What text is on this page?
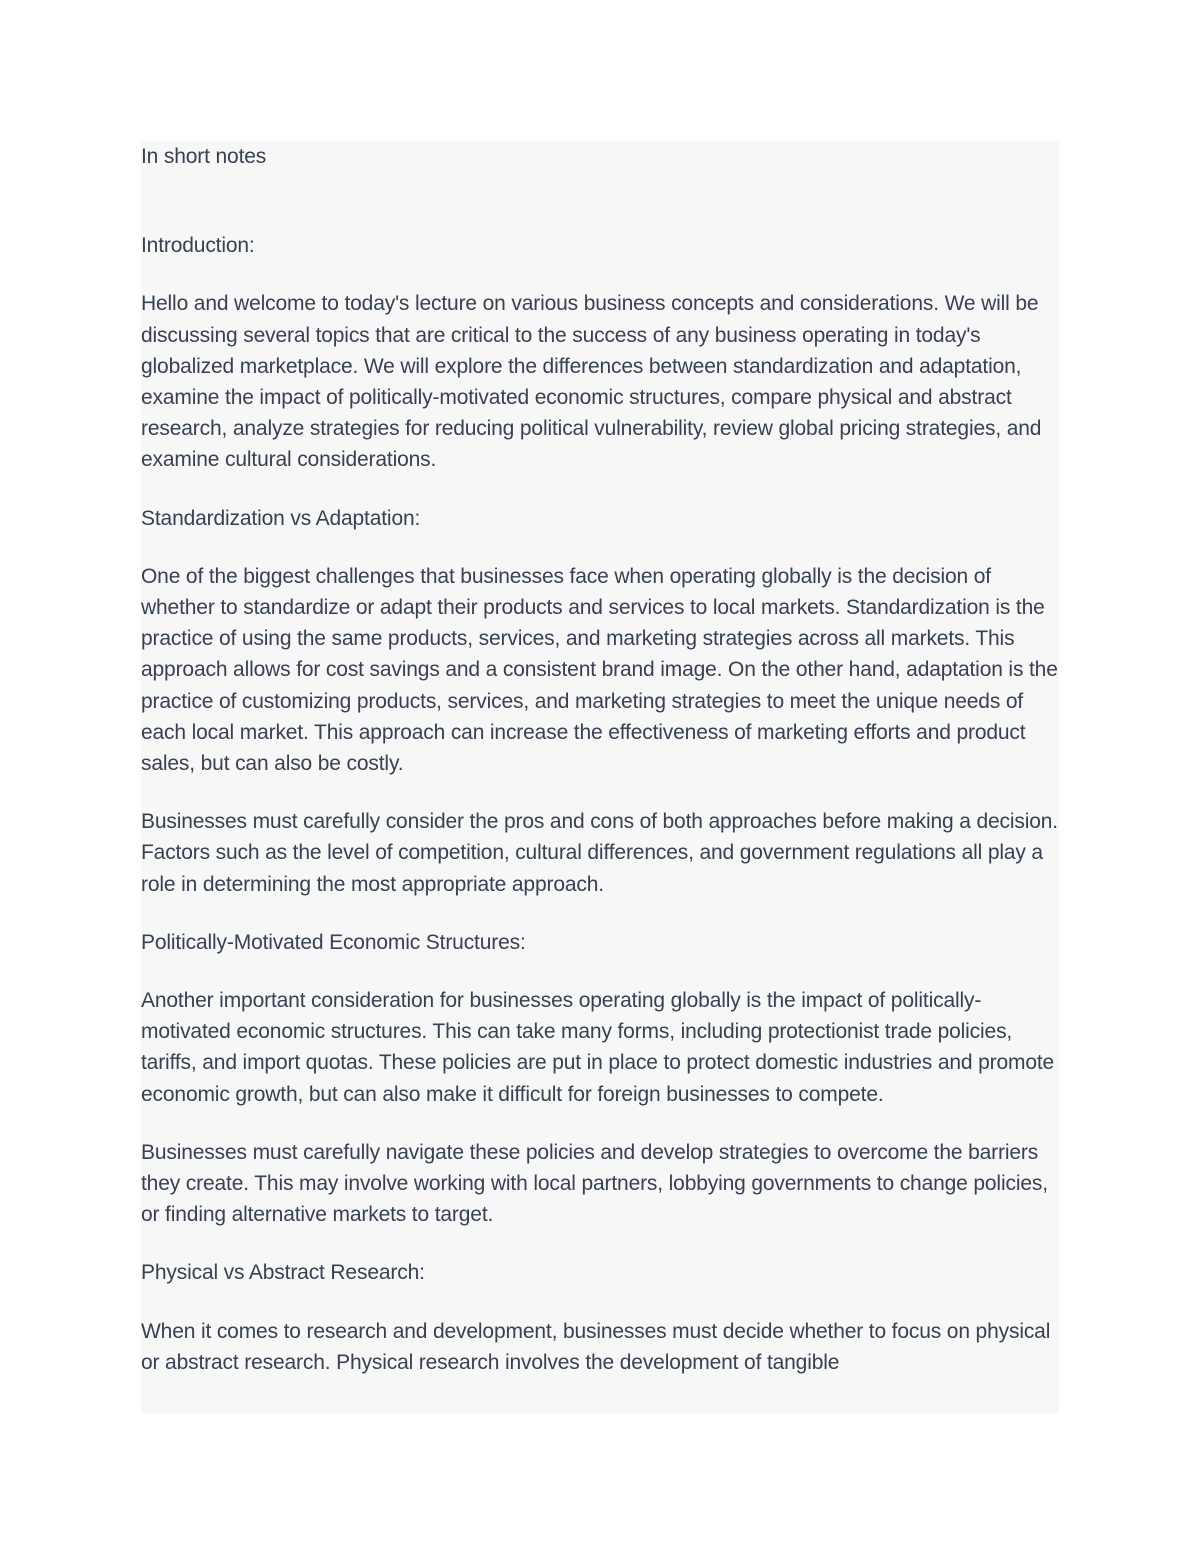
In short notes

Introduction:

Hello and welcome to today's lecture on various business concepts and considerations. We will be discussing several topics that are critical to the success of any business operating in today's globalized marketplace. We will explore the differences between standardization and adaptation, examine the impact of politically-motivated economic structures, compare physical and abstract research, analyze strategies for reducing political vulnerability, review global pricing strategies, and examine cultural considerations.

Standardization vs Adaptation:

One of the biggest challenges that businesses face when operating globally is the decision of whether to standardize or adapt their products and services to local markets. Standardization is the practice of using the same products, services, and marketing strategies across all markets. This approach allows for cost savings and a consistent brand image. On the other hand, adaptation is the practice of customizing products, services, and marketing strategies to meet the unique needs of each local market. This approach can increase the effectiveness of marketing efforts and product sales, but can also be costly.

Businesses must carefully consider the pros and cons of both approaches before making a decision. Factors such as the level of competition, cultural differences, and government regulations all play a role in determining the most appropriate approach.

Politically-Motivated Economic Structures:

Another important consideration for businesses operating globally is the impact of politically-motivated economic structures. This can take many forms, including protectionist trade policies, tariffs, and import quotas. These policies are put in place to protect domestic industries and promote economic growth, but can also make it difficult for foreign businesses to compete.

Businesses must carefully navigate these policies and develop strategies to overcome the barriers they create. This may involve working with local partners, lobbying governments to change policies, or finding alternative markets to target.

Physical vs Abstract Research:

When it comes to research and development, businesses must decide whether to focus on physical or abstract research. Physical research involves the development of tangible
